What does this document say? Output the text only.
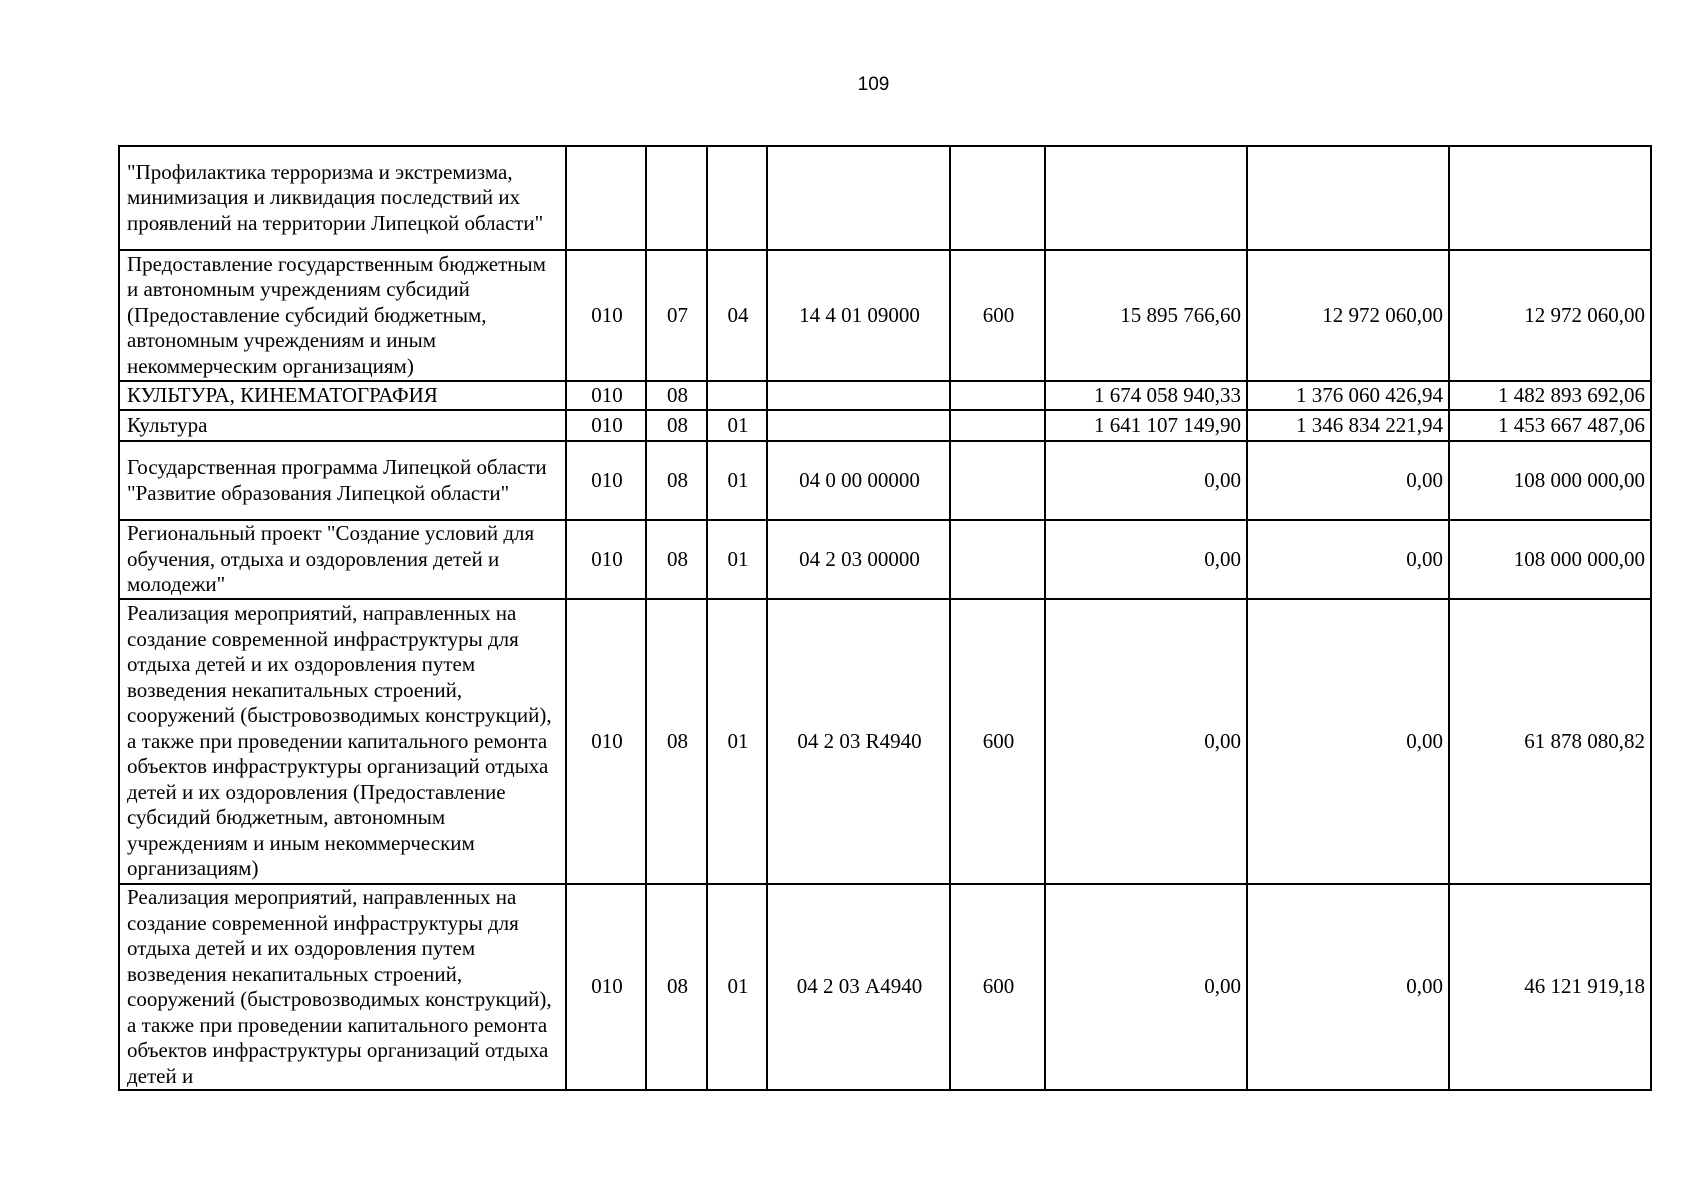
109
"Профилактика терроризма и экстремизма, минимизация и ликвидация последствий их проявлений на территории Липецкой области"								
Предоставление государственным бюджетным и автономным учреждениям субсидий (Предоставление субсидий бюджетным, автономным учреждениям и иным некоммерческим организациям)	010	07	04	14 4 01 09000	600	15 895 766,60	12 972 060,00	12 972 060,00
КУЛЬТУРА, КИНЕМАТОГРАФИЯ	010	08				1 674 058 940,33	1 376 060 426,94	1 482 893 692,06
Культура	010	08	01			1 641 107 149,90	1 346 834 221,94	1 453 667 487,06
Государственная программа Липецкой области "Развитие образования Липецкой области"	010	08	01	04 0 00 00000		0,00	0,00	108 000 000,00
Региональный проект "Создание условий для обучения, отдыха и оздоровления детей и молодежи"	010	08	01	04 2 03 00000		0,00	0,00	108 000 000,00
Реализация мероприятий, направленных на создание современной инфраструктуры для отдыха детей и их оздоровления путем возведения некапитальных строений, сооружений (быстровозводимых конструкций), а также при проведении капитального ремонта объектов инфраструктуры организаций отдыха детей и их оздоровления (Предоставление субсидий бюджетным, автономным учреждениям и иным некоммерческим организациям)	010	08	01	04 2 03 R4940	600	0,00	0,00	61 878 080,82
Реализация мероприятий, направленных на создание современной инфраструктуры для отдыха детей и их оздоровления путем возведения некапитальных строений, сооружений (быстровозводимых конструкций), а также при проведении капитального ремонта объектов инфраструктуры организаций отдыха детей и	010	08	01	04 2 03 А4940	600	0,00	0,00	46 121 919,18
